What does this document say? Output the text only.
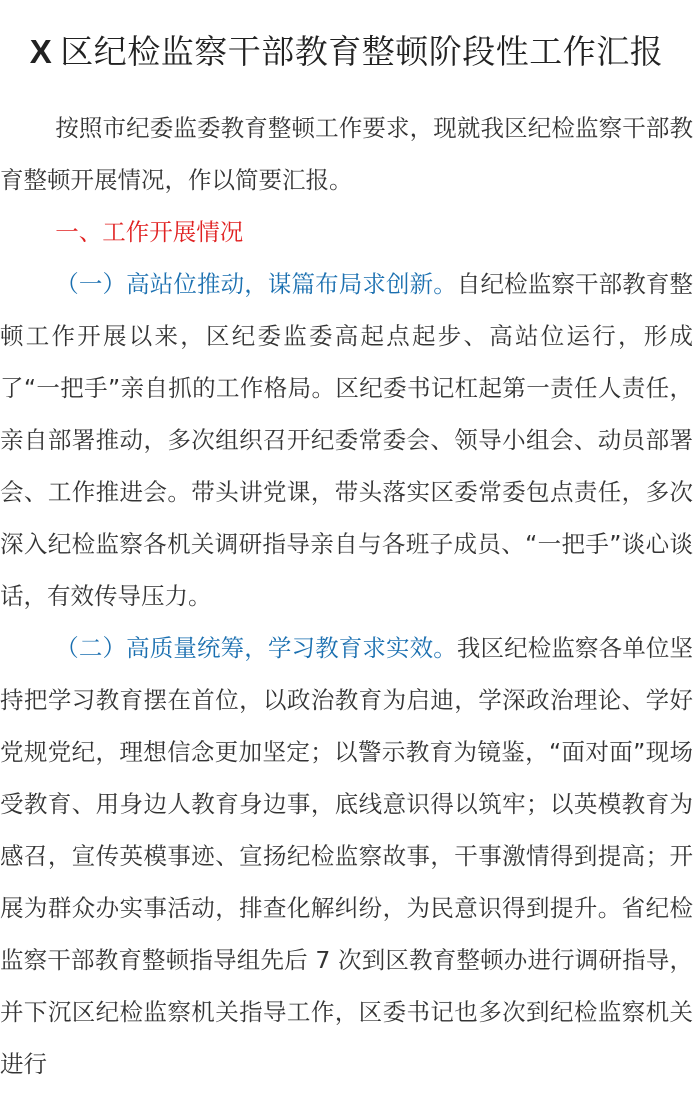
X 区纪检监察干部教育整顿阶段性工作汇报

按照市纪委监委教育整顿工作要求，现就我区纪检监察干部教育整顿开展情况，作以简要汇报。

一、工作开展情况

（一）高站位推动，谋篇布局求创新。自纪检监察干部教育整顿工作开展以来，区纪委监委高起点起步、高站位运行，形成了“一把手”亲自抓的工作格局。区纪委书记杠起第一责任人责任，亲自部署推动，多次组织召开纪委常委会、领导小组会、动员部署会、工作推进会。带头讲党课，带头落实区委常委包点责任，多次深入纪检监察各机关调研指导亲自与各班子成员、“一把手”谈心谈话，有效传导压力。

（二）高质量统筹，学习教育求实效。我区纪检监察各单位坚持把学习教育摆在首位，以政治教育为启迪，学深政治理论、学好党规党纪，理想信念更加坚定；以警示教育为镜鉴，“面对面”现场受教育、用身边人教育身边事，底线意识得以筑牢；以英模教育为感召，宣传英模事迹、宣扬纪检监察故事，干事激情得到提高；开展为群众办实事活动，排查化解纠纷，为民意识得到提升。省纪检监察干部教育整顿指导组先后 7 次到区教育整顿办进行调研指导，并下沉区纪检监察机关指导工作，区委书记也多次到纪检监察机关进行
